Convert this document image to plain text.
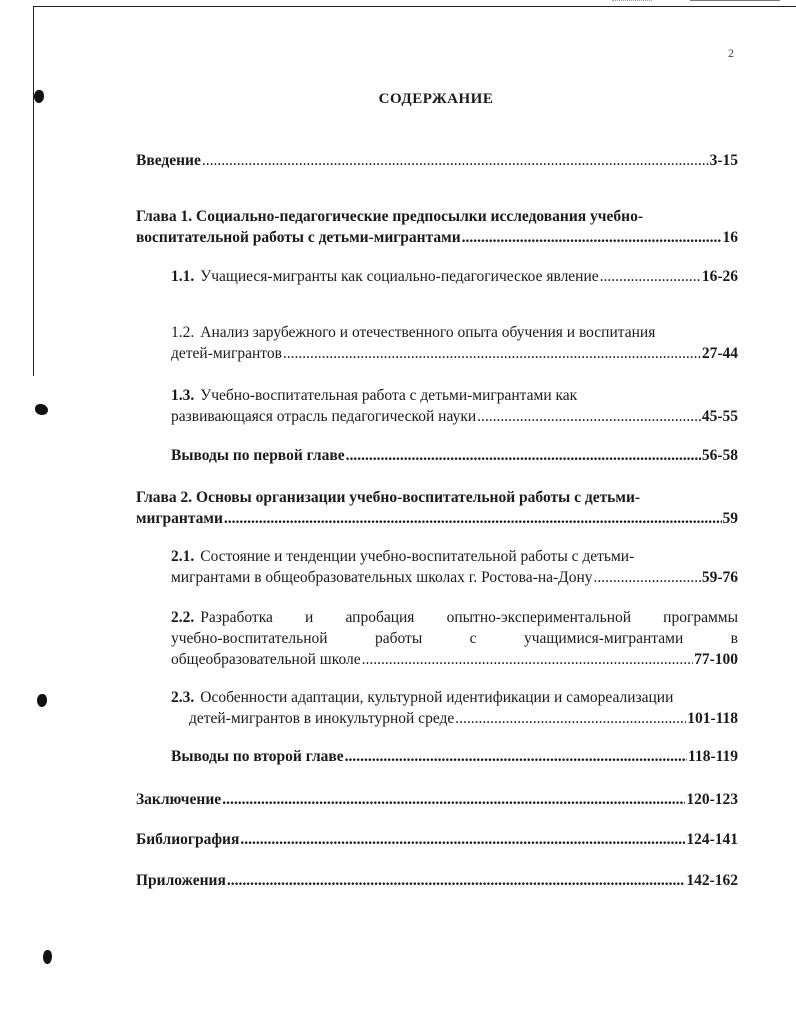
2
СОДЕРЖАНИЕ
Введение .....	3-15
Глава 1. Социально-педагогические предпосылки исследования учебно-
воспитательной работы с детьми-мигрантами .....	16
1.1. Учащиеся-мигранты как социально-педагогическое явление .....	16-26
1.2. Анализ зарубежного и отечественного опыта обучения и воспитания
детей-мигрантов .....	27-44
1.3. Учебно-воспитательная работа с детьми-мигрантами как
развивающаяся отрасль педагогической науки .....	45-55
Выводы по первой главе .....	56-58
Глава 2. Основы организации учебно-воспитательной работы с детьми-
мигрантами .....	59
2.1. Состояние и тенденции учебно-воспитательной работы с детьми-
мигрантами в общеобразовательных школах г. Ростова-на-Дону .....	59-76
2.2. Разработка и апробация опытно-экспериментальной программы
учебно-воспитательной	работы	с	учащимися-мигрантами	в
общеобразовательной школе .....	77-100
2.3. Особенности адаптации, культурной идентификации и самореализации
детей-мигрантов в инокультурной среде .....	101-118
Выводы по второй главе .....	118-119
Заключение .....	120-123
Библиография .....	124-141
Приложения .....	142-162
